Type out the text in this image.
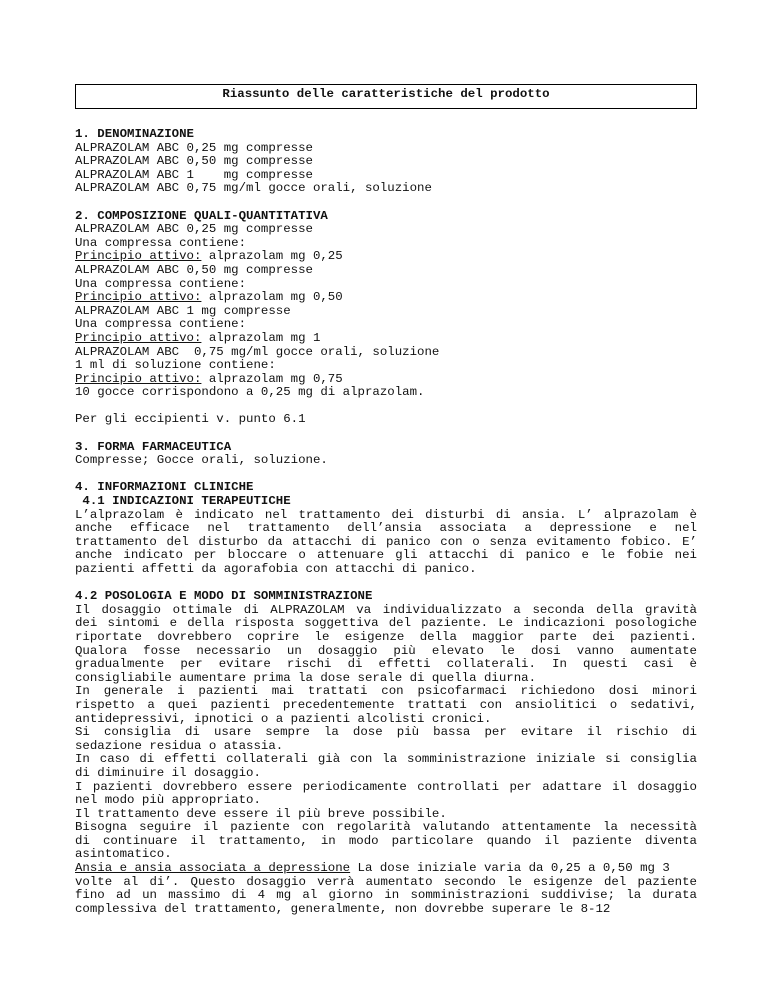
Riassunto delle caratteristiche del prodotto
1. DENOMINAZIONE
ALPRAZOLAM ABC 0,25 mg compresse
ALPRAZOLAM ABC 0,50 mg compresse
ALPRAZOLAM ABC 1    mg compresse
ALPRAZOLAM ABC 0,75 mg/ml gocce orali, soluzione
2. COMPOSIZIONE QUALI-QUANTITATIVA
ALPRAZOLAM ABC 0,25 mg compresse
Una compressa contiene:
Principio attivo: alprazolam mg 0,25
ALPRAZOLAM ABC 0,50 mg compresse
Una compressa contiene:
Principio attivo: alprazolam mg 0,50
ALPRAZOLAM ABC 1 mg compresse
Una compressa contiene:
Principio attivo: alprazolam mg 1
ALPRAZOLAM ABC  0,75 mg/ml gocce orali, soluzione
1 ml di soluzione contiene:
Principio attivo: alprazolam mg 0,75
10 gocce corrispondono a 0,25 mg di alprazolam.
Per gli eccipienti v. punto 6.1
3. FORMA FARMACEUTICA
Compresse; Gocce orali, soluzione.
4. INFORMAZIONI CLINICHE
4.1 INDICAZIONI TERAPEUTICHE
L’alprazolam è indicato nel trattamento dei disturbi di ansia. L’ alprazolam è
anche efficace nel trattamento dell’ansia associata a depressione e nel
trattamento del disturbo da attacchi di panico con o senza evitamento fobico. E’
anche indicato per bloccare o attenuare gli attacchi di panico e le fobie nei
pazienti affetti da agorafobia con attacchi di panico.
4.2 POSOLOGIA E MODO DI SOMMINISTRAZIONE
Il dosaggio ottimale di ALPRAZOLAM va individualizzato a seconda della gravità
dei sintomi e della risposta soggettiva del paziente. Le indicazioni posologiche
riportate dovrebbero coprire le esigenze della maggior parte dei pazienti.
Qualora fosse necessario un dosaggio più elevato le dosi vanno aumentate
gradualmente per evitare rischi di effetti collaterali. In questi casi è
consigliabile aumentare prima la dose serale di quella diurna.
In generale i pazienti mai trattati con psicofarmaci richiedono dosi minori
rispetto a quei pazienti precedentemente trattati con ansiolitici o sedativi,
antidepressivi, ipnotici o a pazienti alcolisti cronici.
Si consiglia di usare sempre la dose più bassa per evitare il rischio di
sedazione residua o atassia.
In caso di effetti collaterali già con la somministrazione iniziale si consiglia
di diminuire il dosaggio.
I pazienti dovrebbero essere periodicamente controllati per adattare il dosaggio
nel modo più appropriato.
Il trattamento deve essere il più breve possibile.
Bisogna seguire il paziente con regolarità valutando attentamente la necessità
di continuare il trattamento, in modo particolare quando il paziente diventa
asintomatico.
Ansia e ansia associata a depressione La dose iniziale varia da 0,25 a 0,50 mg 3
volte al di’. Questo dosaggio verrà aumentato secondo le esigenze del paziente
fino ad un massimo di 4 mg al giorno in somministrazioni suddivise; la durata
complessiva del trattamento, generalmente, non dovrebbe superare le 8-12
